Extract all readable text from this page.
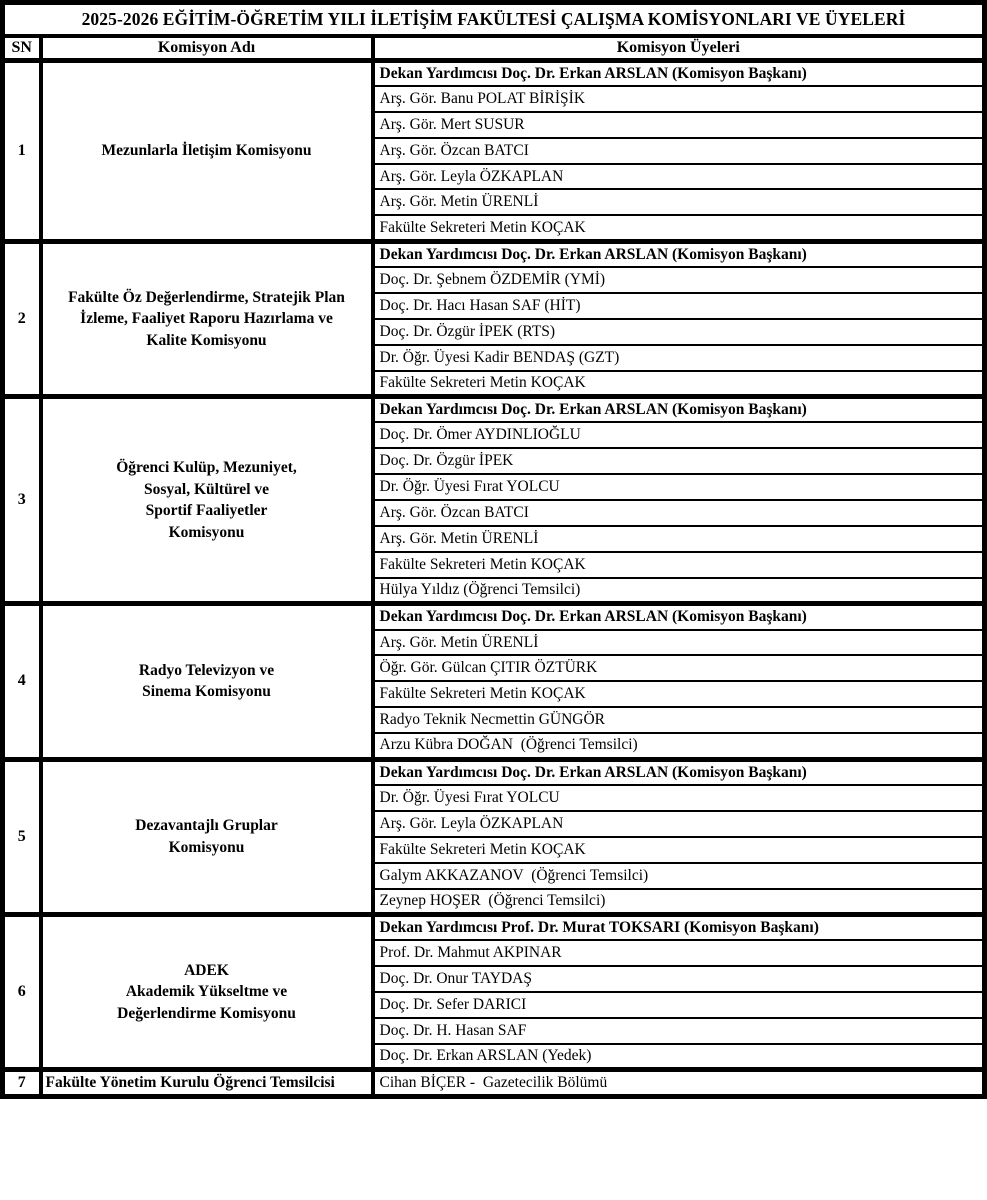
2025-2026 EĞİTİM-ÖĞRETİM YILI İLETİŞİM FAKÜLTESİ ÇALIŞMA KOMİSYONLARI VE ÜYELERİ		
SN	Komisyon Adı	Komisyon Üyeleri
1	Mezunlarla İletişim Komisyonu	Dekan Yardımcısı Doç. Dr. Erkan ARSLAN (Komisyon Başkanı)
		Arş. Gör. Banu POLAT BİRİŞİK
		Arş. Gör. Mert SUSUR
		Arş. Gör. Özcan BATCI
		Arş. Gör. Leyla ÖZKAPLAN
		Arş. Gör. Metin ÜRENLİ
		Fakülte Sekreteri Metin KOÇAK
2	Fakülte Öz Değerlendirme, Stratejik Plan
İzleme, Faaliyet Raporu Hazırlama ve
Kalite Komisyonu	Dekan Yardımcısı Doç. Dr. Erkan ARSLAN (Komisyon Başkanı)
		Doç. Dr. Şebnem ÖZDEMİR (YMİ)
		Doç. Dr. Hacı Hasan SAF (HİT)
		Doç. Dr. Özgür İPEK (RTS)
		Dr. Öğr. Üyesi Kadir BENDAŞ (GZT)
		Fakülte Sekreteri Metin KOÇAK
3	Öğrenci Kulüp, Mezuniyet,
Sosyal, Kültürel ve
Sportif Faaliyetler
Komisyonu	Dekan Yardımcısı Doç. Dr. Erkan ARSLAN (Komisyon Başkanı)
		Doç. Dr. Ömer AYDINLIOĞLU
		Doç. Dr. Özgür İPEK
		Dr. Öğr. Üyesi Fırat YOLCU
		Arş. Gör. Özcan BATCI
		Arş. Gör. Metin ÜRENLİ
		Fakülte Sekreteri Metin KOÇAK
		Hülya Yıldız (Öğrenci Temsilci)
4	Radyo Televizyon ve
Sinema Komisyonu	Dekan Yardımcısı Doç. Dr. Erkan ARSLAN (Komisyon Başkanı)
		Arş. Gör. Metin ÜRENLİ
		Öğr. Gör. Gülcan ÇITIR ÖZTÜRK
		Fakülte Sekreteri Metin KOÇAK
		Radyo Teknik Necmettin GÜNGÖR
		Arzu Kübra DOĞAN  (Öğrenci Temsilci)
5	Dezavantajlı Gruplar
Komisyonu	Dekan Yardımcısı Doç. Dr. Erkan ARSLAN (Komisyon Başkanı)
		Dr. Öğr. Üyesi Fırat YOLCU
		Arş. Gör. Leyla ÖZKAPLAN
		Fakülte Sekreteri Metin KOÇAK
		Galym AKKAZANOV  (Öğrenci Temsilci)
		Zeynep HOŞER  (Öğrenci Temsilci)
6	ADEK
Akademik Yükseltme ve
Değerlendirme Komisyonu	Dekan Yardımcısı Prof. Dr. Murat TOKSARI (Komisyon Başkanı)
		Prof. Dr. Mahmut AKPINAR
		Doç. Dr. Onur TAYDAŞ
		Doç. Dr. Sefer DARICI
		Doç. Dr. H. Hasan SAF
		Doç. Dr. Erkan ARSLAN (Yedek)
7	Fakülte Yönetim Kurulu Öğrenci Temsilcisi	Cihan BİÇER -  Gazetecilik Bölümü
